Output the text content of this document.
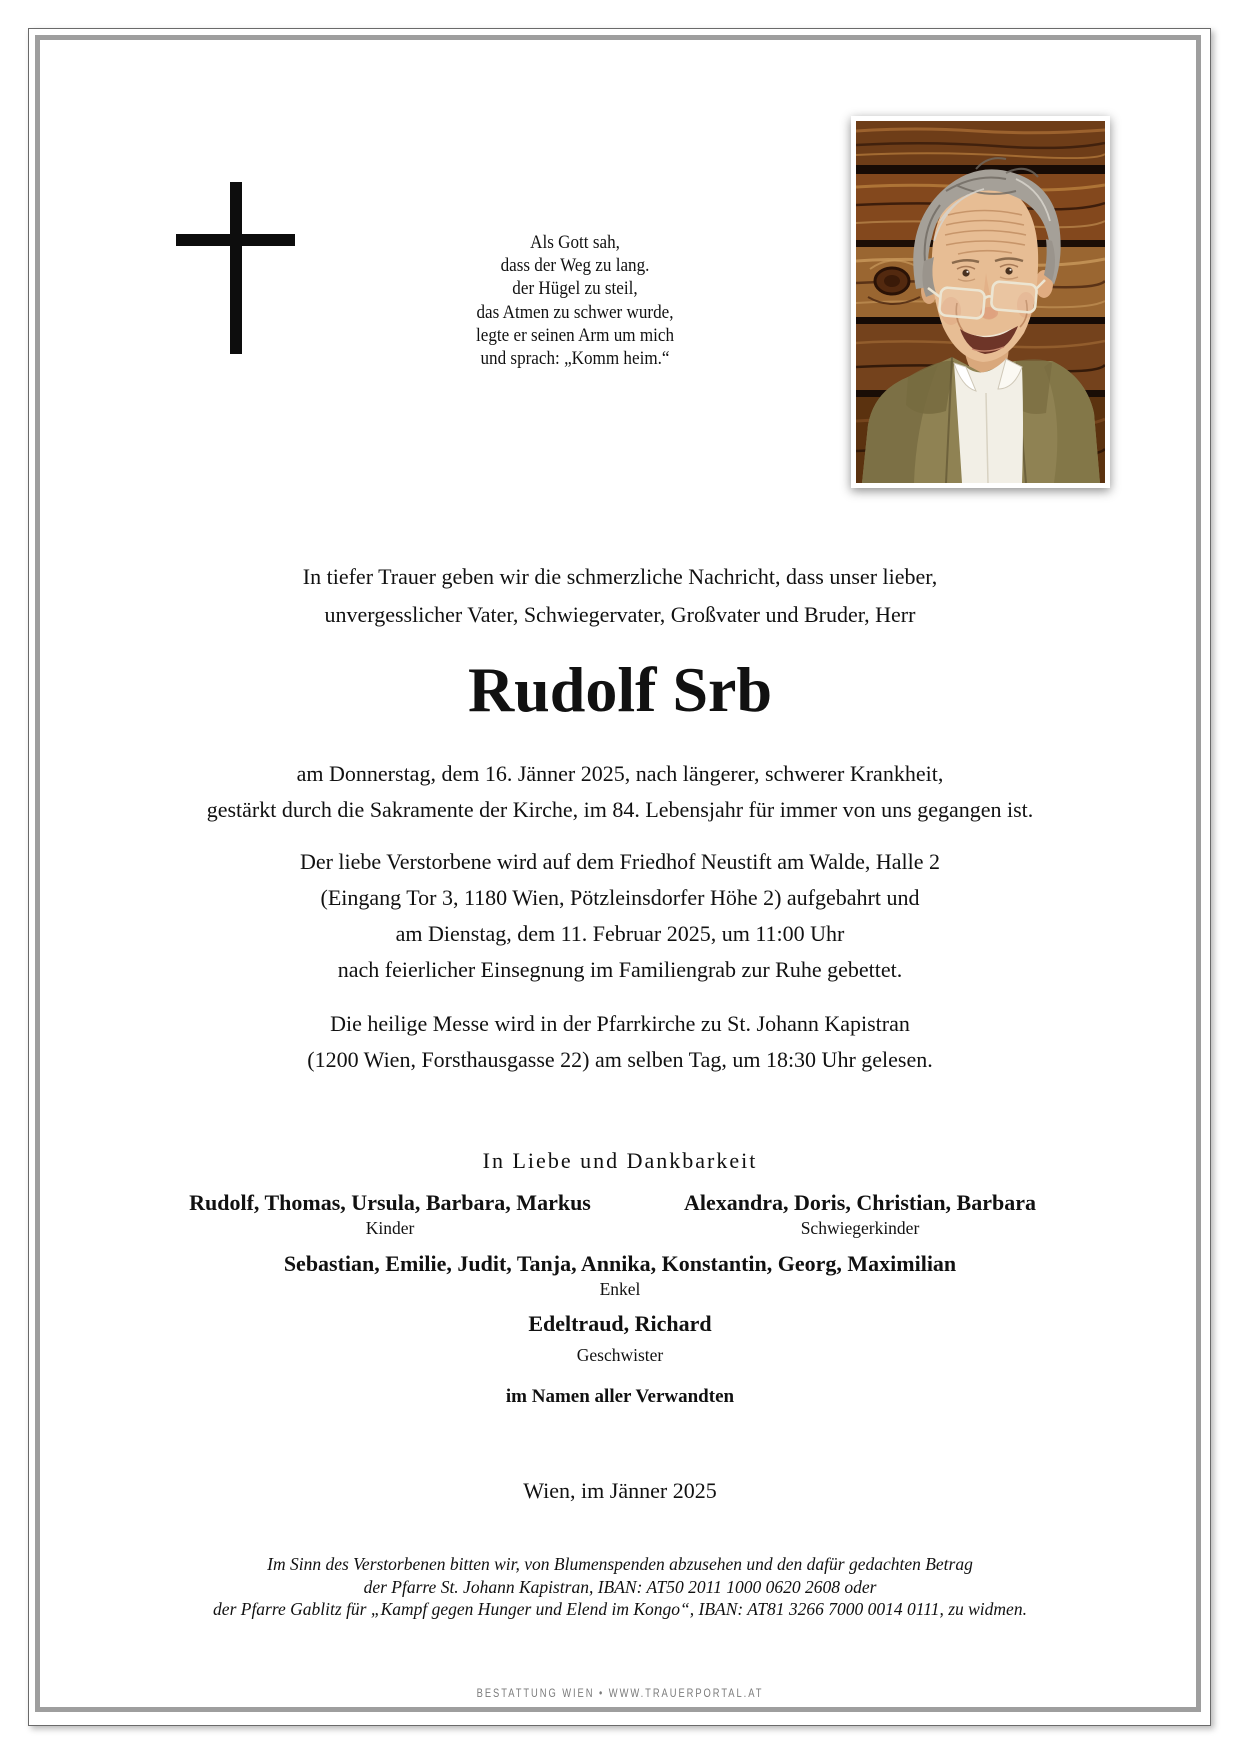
Als Gott sah,
dass der Weg zu lang.
der Hügel zu steil,
das Atmen zu schwer wurde,
legte er seinen Arm um mich
und sprach: „Komm heim.“
In tiefer Trauer geben wir die schmerzliche Nachricht, dass unser lieber,
unvergesslicher Vater, Schwiegervater, Großvater und Bruder, Herr
Rudolf Srb
am Donnerstag, dem 16. Jänner 2025, nach längerer, schwerer Krankheit,
gestärkt durch die Sakramente der Kirche, im 84. Lebensjahr für immer von uns gegangen ist.
Der liebe Verstorbene wird auf dem Friedhof Neustift am Walde, Halle 2
(Eingang Tor 3, 1180 Wien, Pötzleinsdorfer Höhe 2) aufgebahrt und
am Dienstag, dem 11. Februar 2025, um 11:00 Uhr
nach feierlicher Einsegnung im Familiengrab zur Ruhe gebettet.
Die heilige Messe wird in der Pfarrkirche zu St. Johann Kapistran
(1200 Wien, Forsthausgasse 22) am selben Tag, um 18:30 Uhr gelesen.
In Liebe und Dankbarkeit
Rudolf, Thomas, Ursula, Barbara, Markus
Kinder
Alexandra, Doris, Christian, Barbara
Schwiegerkinder
Sebastian, Emilie, Judit, Tanja, Annika, Konstantin, Georg, Maximilian
Enkel
Edeltraud, Richard
Geschwister
im Namen aller Verwandten
Wien, im Jänner 2025
Im Sinn des Verstorbenen bitten wir, von Blumenspenden abzusehen und den dafür gedachten Betrag
der Pfarre St. Johann Kapistran, IBAN: AT50 2011 1000 0620 2608 oder
der Pfarre Gablitz für „Kampf gegen Hunger und Elend im Kongo“, IBAN: AT81 3266 7000 0014 0111, zu widmen.
BESTATTUNG WIEN • WWW.TRAUERPORTAL.AT
